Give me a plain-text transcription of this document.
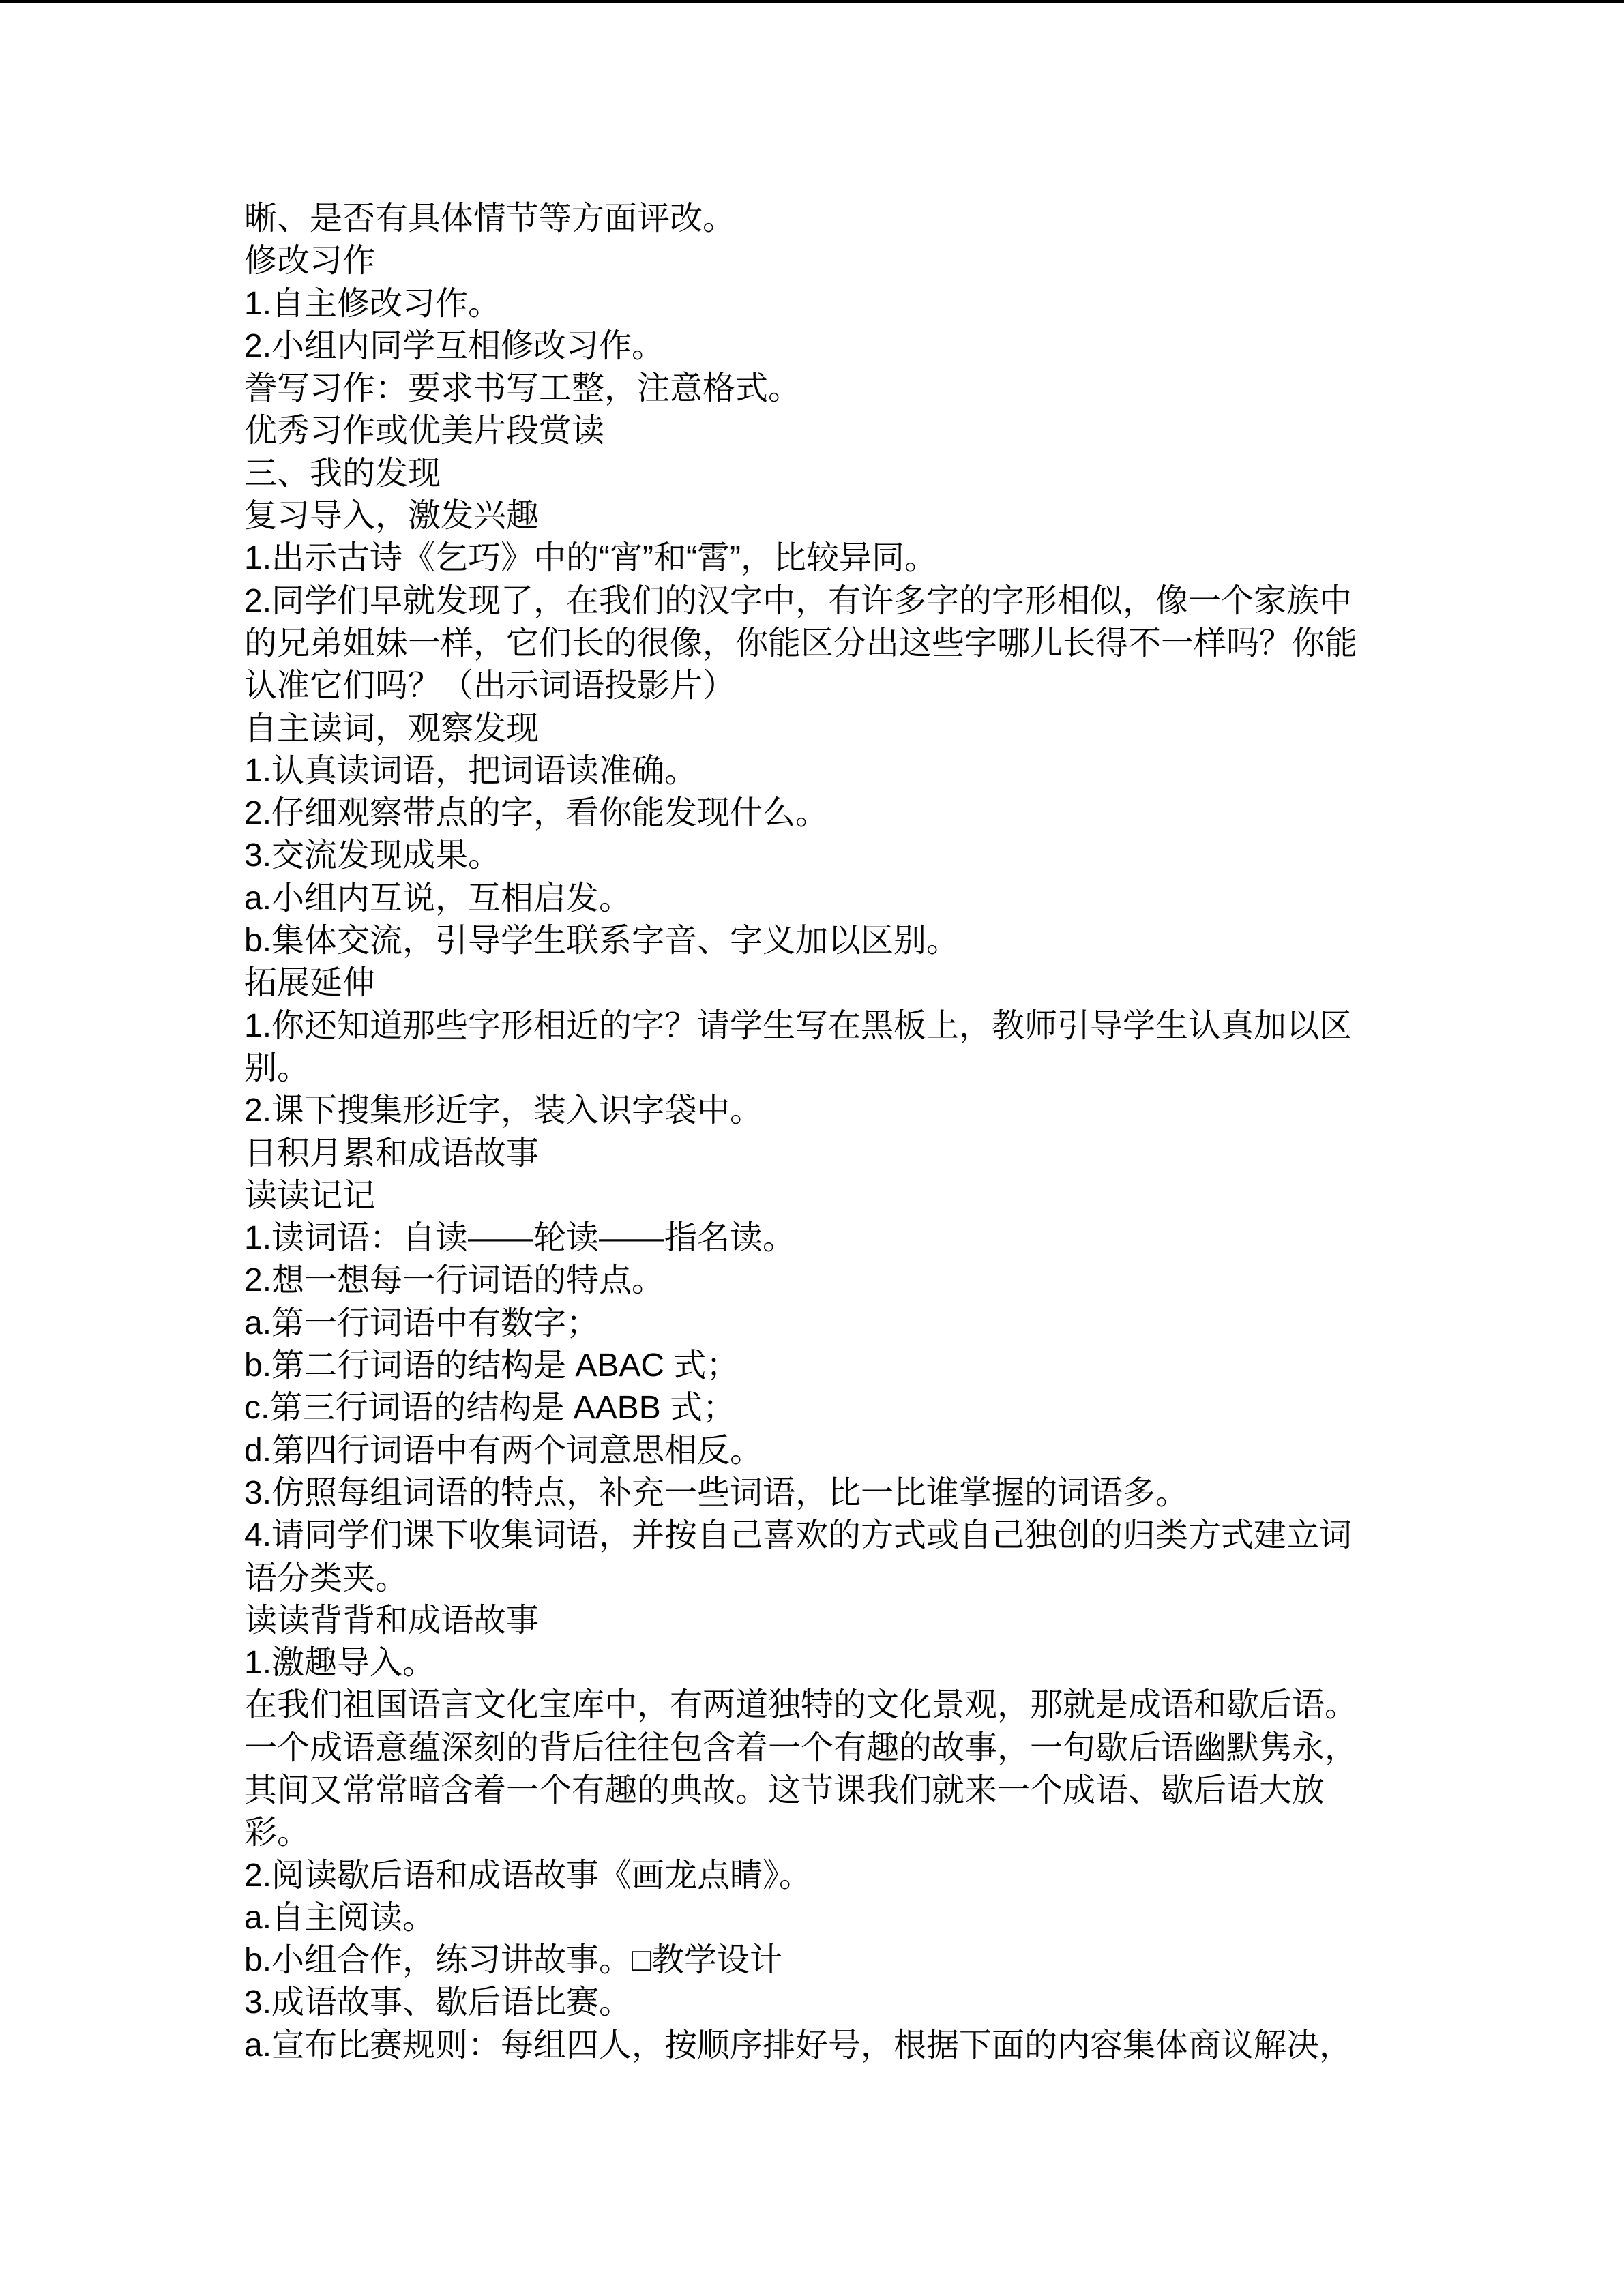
晰、是否有具体情节等方面评改。
修改习作
1.自主修改习作。
2.小组内同学互相修改习作。
誊写习作：要求书写工整，注意格式。
优秀习作或优美片段赏读
三、我的发现
复习导入，激发兴趣
1.出示古诗《乞巧》中的“宵”和“霄”，比较异同。
2.同学们早就发现了，在我们的汉字中，有许多字的字形相似，像一个家族中
的兄弟姐妹一样，它们长的很像，你能区分出这些字哪儿长得不一样吗？你能
认准它们吗？（出示词语投影片）
自主读词，观察发现
1.认真读词语，把词语读准确。
2.仔细观察带点的字，看你能发现什么。
3.交流发现成果。
a.小组内互说，互相启发。
b.集体交流，引导学生联系字音、字义加以区别。
拓展延伸
1.你还知道那些字形相近的字？请学生写在黑板上，教师引导学生认真加以区
别。
2.课下搜集形近字，装入识字袋中。
日积月累和成语故事
读读记记
1.读词语：自读——轮读——指名读。
2.想一想每一行词语的特点。
a.第一行词语中有数字；
b.第二行词语的结构是 ABAC 式；
c.第三行词语的结构是 AABB 式；
d.第四行词语中有两个词意思相反。
3.仿照每组词语的特点，补充一些词语，比一比谁掌握的词语多。
4.请同学们课下收集词语，并按自己喜欢的方式或自己独创的归类方式建立词
语分类夹。
读读背背和成语故事
1.激趣导入。
在我们祖国语言文化宝库中，有两道独特的文化景观，那就是成语和歇后语。
一个成语意蕴深刻的背后往往包含着一个有趣的故事，一句歇后语幽默隽永，
其间又常常暗含着一个有趣的典故。这节课我们就来一个成语、歇后语大放
彩。
2.阅读歇后语和成语故事《画龙点睛》。
a.自主阅读。
b.小组合作，练习讲故事。□教学设计
3.成语故事、歇后语比赛。
a.宣布比赛规则：每组四人，按顺序排好号，根据下面的内容集体商议解决，
